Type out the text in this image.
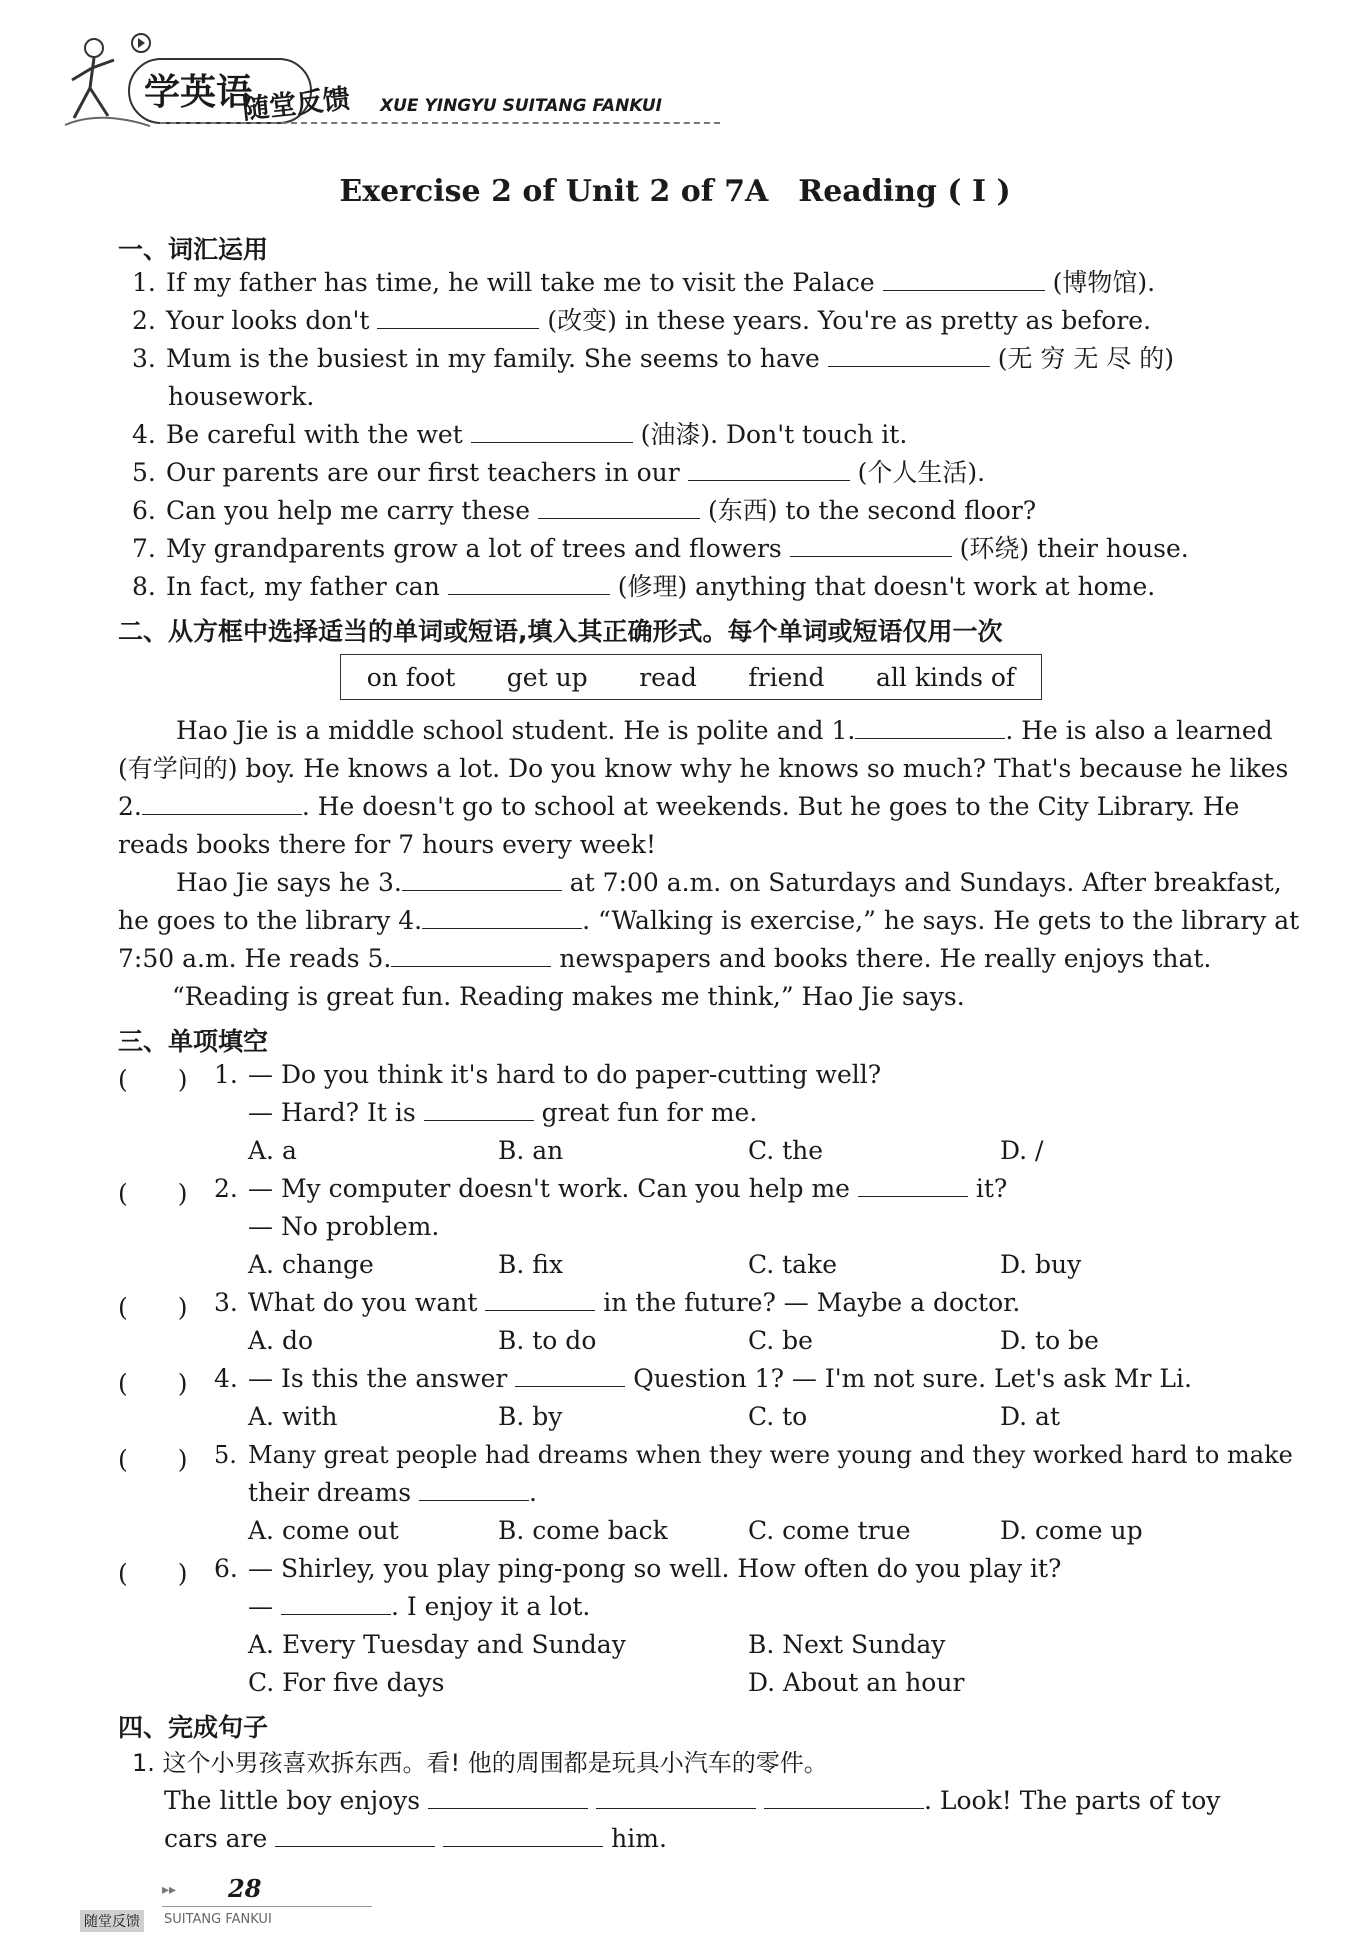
学英语
随堂反馈 XUE YINGYU SUITANG FANKUI
Exercise 2 of Unit 2 of 7A　Reading ( Ⅰ )
一、词汇运用
1. If my father has time, he will take me to visit the Palace	(博物馆).
2. Your looks don't	(改变) in these years. You're as pretty as before.
3. Mum is the busiest in my family. She seems to have	(无 穷 无 尽 的)
housework.
4. Be careful with the wet	(油漆). Don't touch it.
5. Our parents are our first teachers in our	(个人生活).
6. Can you help me carry these	(东西) to the second floor?
7. My grandparents grow a lot of trees and flowers	(环绕) their house.
8. In fact, my father can	(修理) anything that doesn't work at home.
二、从方框中选择适当的单词或短语,填入其正确形式。每个单词或短语仅用一次
on foot get up read friend all kinds of
Hao Jie is a middle school student. He is polite and 1.	. He is also a learned
(有学问的) boy. He knows a lot. Do you know why he knows so much? That's because he likes
2.	. He doesn't go to school at weekends. But he goes to the City Library. He
reads books there for 7 hours every week!
Hao Jie says he 3.	at 7:00 a.m. on Saturdays and Sundays. After breakfast,
he goes to the library 4.	. “Walking is exercise,” he says. He gets to the library at
7:50 a.m. He reads 5.	newspapers and books there. He really enjoys that.
“Reading is great fun. Reading makes me think,” Hao Jie says.
三、单项填空
(　　) 1. — Do you think it's hard to do paper-cutting well?
— Hard? It is	great fun for me.
A. a	B. an	C. the	D. /
(　　) 2. — My computer doesn't work. Can you help me	it?
— No problem.
A. change	B. fix	C. take	D. buy
(　　) 3. What do you want	in the future? — Maybe a doctor.
A. do	B. to do	C. be	D. to be
(　　) 4. — Is this the answer	Question 1? — I'm not sure. Let's ask Mr Li.
A. with	B. by	C. to	D. at
(　　) 5. Many great people had dreams when they were young and they worked hard to make
their dreams	.
A. come out	B. come back	C. come true	D. come up
(　　) 6. — Shirley, you play ping-pong so well. How often do you play it?
—	. I enjoy it a lot.
A. Every Tuesday and Sunday	B. Next Sunday
C. For five days	D. About an hour
四、完成句子
1. 这个小男孩喜欢拆东西。看! 他的周围都是玩具小汽车的零件。
The little boy enjoys	. Look! The parts of toy
cars are	him.
▸▸ 28
随堂反馈	SUITANG FANKUI
